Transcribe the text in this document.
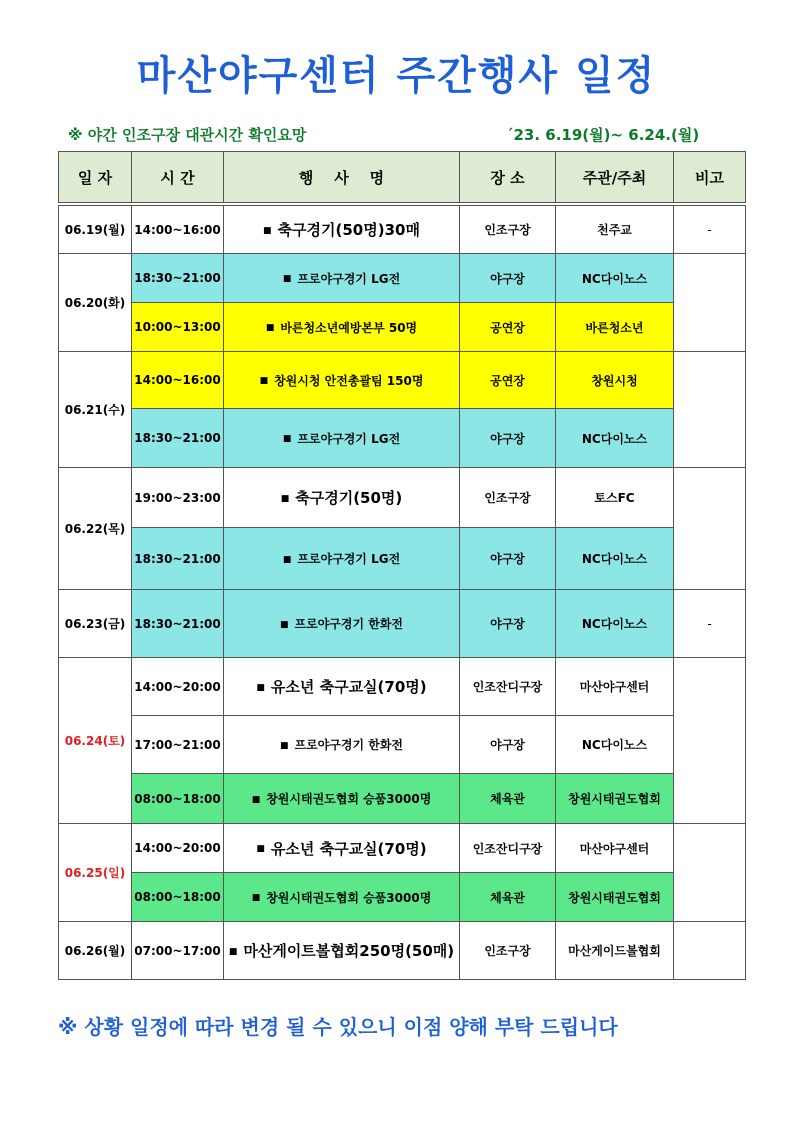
마산야구센터 주간행사 일정
※ 야간 인조구장 대관시간 확인요망	´23. 6.19(월)~ 6.24.(월)
일 자	시 간	행    사    명	장 소	주관/주최	비고

06.19(월)	14:00~16:00	■ 축구경기(50명)30매	인조구장	천주교	-
06.20(화)	18:30~21:00	■ 프로야구경기 LG전	야구장	NC다이노스	
	10:00~13:00	■ 바른청소년예방본부 50명	공연장	바른청소년	
06.21(수)	14:00~16:00	■ 창원시청 안전총괄팀 150명	공연장	창원시청	
	18:30~21:00	■ 프로야구경기 LG전	야구장	NC다이노스	
06.22(목)	19:00~23:00	■ 축구경기(50명)	인조구장	토스FC	
	18:30~21:00	■ 프로야구경기 LG전	야구장	NC다이노스	
06.23(금)	18:30~21:00	■ 프로야구경기 한화전	야구장	NC다이노스	-
06.24(토)	14:00~20:00	■ 유소년 축구교실(70명)	인조잔디구장	마산야구센터	
	17:00~21:00	■ 프로야구경기 한화전	야구장	NC다이노스	
	08:00~18:00	■ 창원시태권도협회 승품3000명	체육관	창원시태권도협회	
06.25(일)	14:00~20:00	■ 유소년 축구교실(70명)	인조잔디구장	마산야구센터	
	08:00~18:00	■ 창원시태권도협회 승품3000명	체육관	창원시태권도협회	
06.26(월)	07:00~17:00	■ 마산게이트볼협회250명(50매)	인조구장	마산게이드볼협회	
※ 상황 일정에 따라 변경 될 수 있으니 이점 양해 부탁 드립니다
